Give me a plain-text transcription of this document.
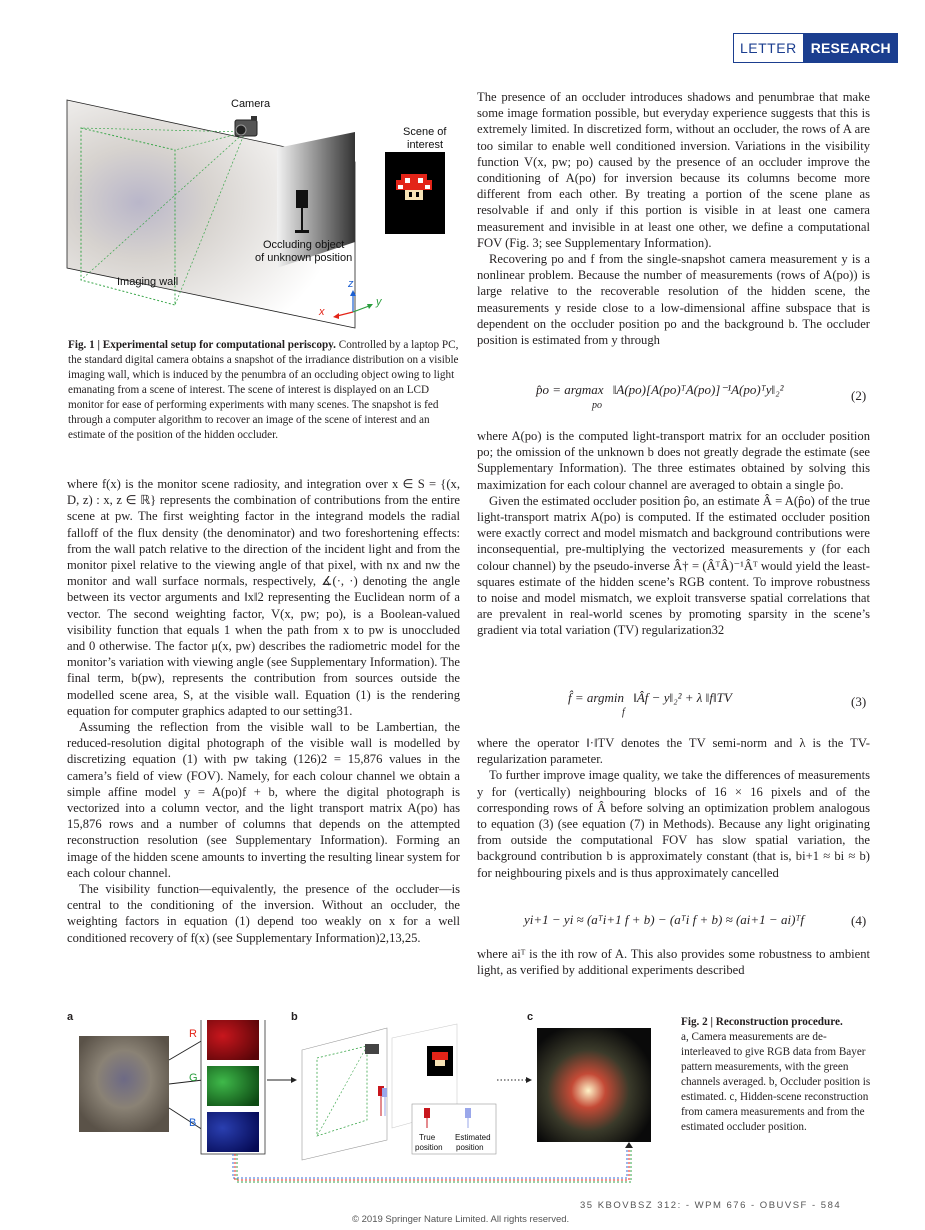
LETTER	RESEARCH
Camera
Scene of
interest
Occluding object
of unknown position
Imaging wall	z
x
y
Fig. 1 | Experimental setup for computational periscopy. Controlled by a laptop PC, the standard digital camera obtains a snapshot of the irradiance distribution on a visible imaging wall, which is induced by the penumbra of an occluding object owing to light emanating from a scene of interest. The scene of interest is displayed on an LCD monitor for ease of performing experiments with many scenes. The snapshot is fed through a computer algorithm to recover an image of the scene of interest and an estimate of the position of the hidden occluder.

where f(x) is the monitor scene radiosity, and integration over x ∈ S = {(x, D, z) : x, z ∈ ℝ} represents the combination of contributions from the entire scene at pw. The first weighting factor in the integrand models the radial falloff of the flux density (the denominator) and two foreshortening effects: from the wall patch relative to the direction of the incident light and from the monitor pixel relative to the viewing angle of that pixel, with nx and nw the monitor and wall surface normals, respectively, ∡(·, ·) denoting the angle between its vector arguments and ‖x‖2 representing the Euclidean norm of a vector. The second weighting factor, V(x, pw; po), is a Boolean-valued visibility function that equals 1 when the path from x to pw is unoccluded and 0 otherwise. The factor μ(x, pw) describes the radiometric model for the monitor’s variation with viewing angle (see Supplementary Information). The final term, b(pw), represents the contribution from sources outside the modelled scene area, S, at the visible wall. Equation (1) is the rendering equation for computer graphics adapted to our setting31.

Assuming the reflection from the visible wall to be Lambertian, the reduced-resolution digital photograph of the visible wall is modelled by discretizing equation (1) with pw taking (126)2 = 15,876 values in the camera’s field of view (FOV). Namely, for each colour channel we obtain a simple affine model y = A(po)f + b, where the digital photograph is vectorized into a column vector, and the light transport matrix A(po) has 15,876 rows and a number of columns that depends on the attempted reconstruction resolution (see Supplementary Information). Forming an image of the hidden scene amounts to inverting the resulting linear system for each colour channel.

The visibility function—equivalently, the presence of the occluder—is central to the conditioning of the inversion. Without an occluder, the weighting factors in equation (1) depend too weakly on x for a well conditioned recovery of f(x) (see Supplementary Information)2,13,25.

The presence of an occluder introduces shadows and penumbrae that make some image formation possible, but everyday experience suggests that this is extremely limited. In discretized form, without an occluder, the rows of A are too similar to enable well conditioned inversion. Variations in the visibility function V(x, pw; po) caused by the presence of an occluder improve the conditioning of A(po) for inversion because its columns become more different from each other. By treating a portion of the scene plane as resolvable if and only if this portion is visible in at least one camera measurement and invisible in at least one other, we define a computational FOV (Fig. 3; see Supplementary Information).

Recovering po and f from the single-snapshot camera measurement y is a nonlinear problem. Because the number of measurements (rows of A(po)) is large relative to the recoverable resolution of the hidden scene, the measurements y reside close to a low-dimensional affine subspace that is dependent on the occluder position po and the background b. The occluder position is estimated from y through

p̂o = argmax ‖A(po)[A(po)ᵀA(po)]⁻¹A(po)ᵀy‖₂²
po
(2)

where A(po) is the computed light-transport matrix for an occluder position po; the omission of the unknown b does not greatly degrade the estimate (see Supplementary Information). The three estimates obtained by solving this maximization for each colour channel are averaged to obtain a single p̂o.

Given the estimated occluder position p̂o, an estimate Â = A(p̂o) of the true light-transport matrix A(po) is computed. If the estimated occluder position were exactly correct and model mismatch and background contributions were inconsequential, pre-multiplying the vectorized measurements y (for each colour channel) by the pseudo-inverse Â† = (ÂᵀÂ)⁻¹Âᵀ would yield the least-squares estimate of the hidden scene’s RGB content. To improve robustness to noise and model mismatch, we exploit transverse spatial correlations that are prevalent in real-world scenes by promoting sparsity in the scene’s gradient via total variation (TV) regularization32

f̂ = argmin ‖Âf − y‖₂² + λ ‖f‖TV
f
(3)

where the operator ‖·‖TV denotes the TV semi-norm and λ is the TV-regularization parameter.

To further improve image quality, we take the differences of measurements y for (vertically) neighbouring blocks of 16 × 16 pixels and of the corresponding rows of Â before solving an optimization problem analogous to equation (3) (see equation (7) in Methods). Because any light originating from outside the computational FOV has slow spatial variation, the background contribution b is approximately constant (that is, bi+1 ≈ bi ≈ b) for neighbouring pixels and is thus approximately cancelled

yi+1 − yi ≈ (aᵀi+1 f + b) − (aᵀi f + b) ≈ (ai+1 − ai)ᵀf	(4)

where aiᵀ is the ith row of A. This also provides some robustness to ambient light, as verified by additional experiments described

a	b	c
R
G
B
True
position
Estimated
position
Fig. 2 | Reconstruction procedure.
a, Camera measurements are de-interleaved to give RGB data from Bayer pattern measurements, with the green channels averaged. b, Occluder position is estimated. c, Hidden-scene reconstruction from camera measurements and from the estimated occluder position.
35 KBOVBSZ 312: - WPM 676 - OBUVSF - 584
© 2019 Springer Nature Limited. All rights reserved.
